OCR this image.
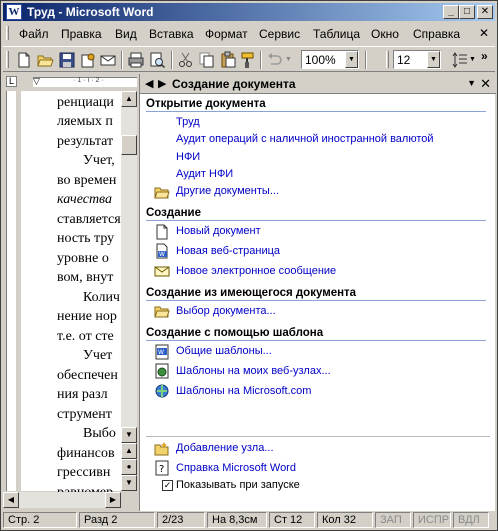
W Труд - Microsoft Word	_	□	✕
Файл Правка Вид Вставка Формат Сервис Таблица Окно Справка ✕
▼	100%	▼	12	▼	▼ »
L	▽	· 1 · ı · 2 ·
ренциаци
ляемых п
результат
Учет,
во времен
качества
ставляется
ность тру
уровне о
вом, внут
Колич
нение нор
т.е. от сте
Учет
обеспечен
ния разл
струмент
Выбо
финансов
грессивн
▲
▼
▲
●
▼
◀	▶
◀ ▶ Создание документа	▼ ✕
Открытие документа
Труд
Аудит операций с наличной иностранной валютой
НФИ
Аудит НФИ
Другие документы...
Создание
Новый документ
W Новая веб-страница
Новое электронное сообщение
Создание из имеющегося документа
Выбор документа...
Создание с помощью шаблона
W Общие шаблоны...
Шаблоны на моих веб-узлах...
Шаблоны на Microsoft.com
Добавление узла...
? Справка Microsoft Word
✓ Показывать при запуске
Стр. 2	Разд 2	2/23	На 8,3см	Ст 12	Кол 32	ЗАП	ИСПР ВДЛ
